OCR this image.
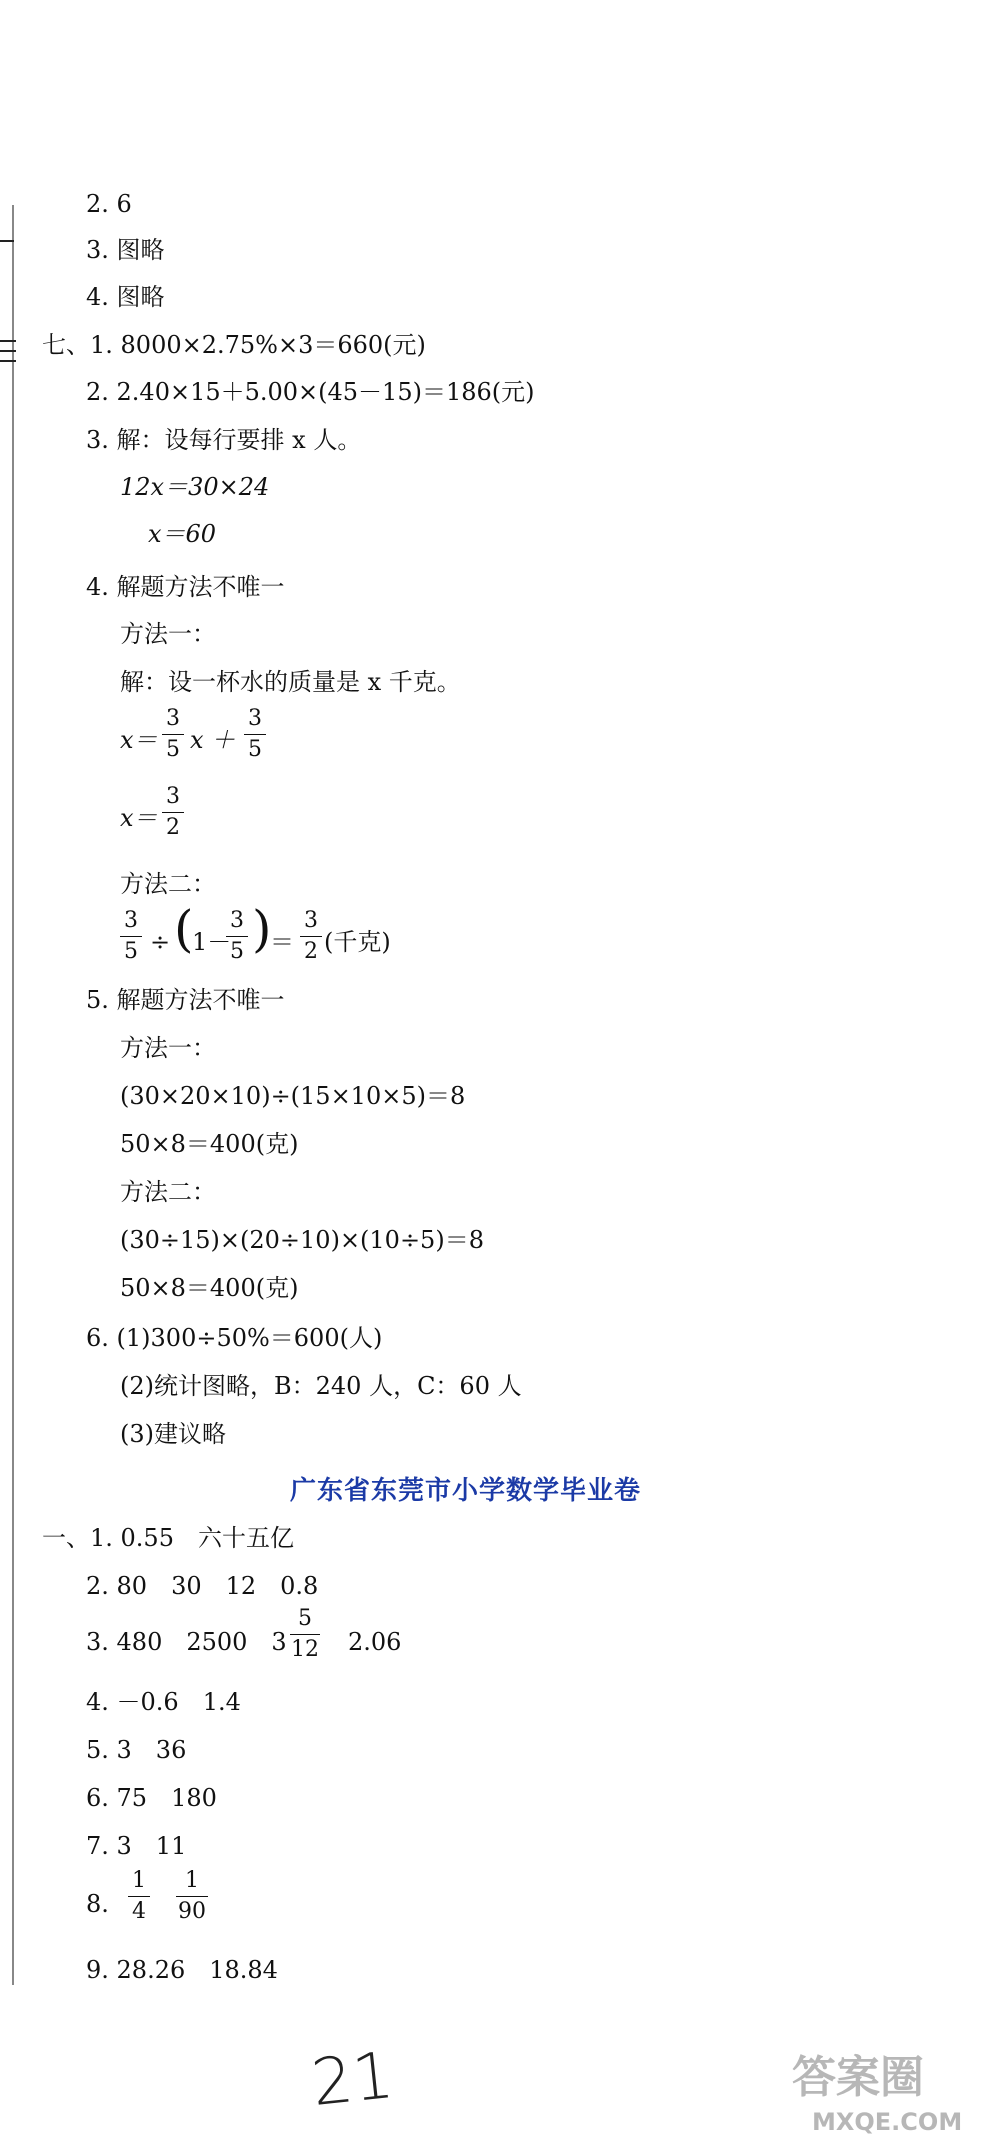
2. 6
3. 图略
4. 图略
七、1. 8000×2.75%×3＝660(元)
2. 2.40×15＋5.00×(45－15)＝186(元)
3. 解：设每行要排 x 人。
12x＝30×24
x＝60
4. 解题方法不唯一
方法一：
解：设一杯水的质量是 x 千克。
x＝
3
5 x ＋
3
5
x＝
3
2
方法二：
3
5 ÷ (
1－
3
5 )
＝
3
2 (千克)
5. 解题方法不唯一
方法一：
(30×20×10)÷(15×10×5)＝8
50×8＝400(克)
方法二：
(30÷15)×(20÷10)×(10÷5)＝8
50×8＝400(克)
6. (1)300÷50%＝600(人)
(2)统计图略，B：240 人，C：60 人
(3)建议略
广东省东莞市小学数学毕业卷
一、1. 0.55　六十五亿
2. 80　30　12　0.8
3. 480　2500　3
5
12 2.06
4. －0.6　1.4
5. 3　36
6. 75　180
7. 3　11
8.
1
4
1
90
9. 28.26　18.84
21	答案圈
MXQE.COM
